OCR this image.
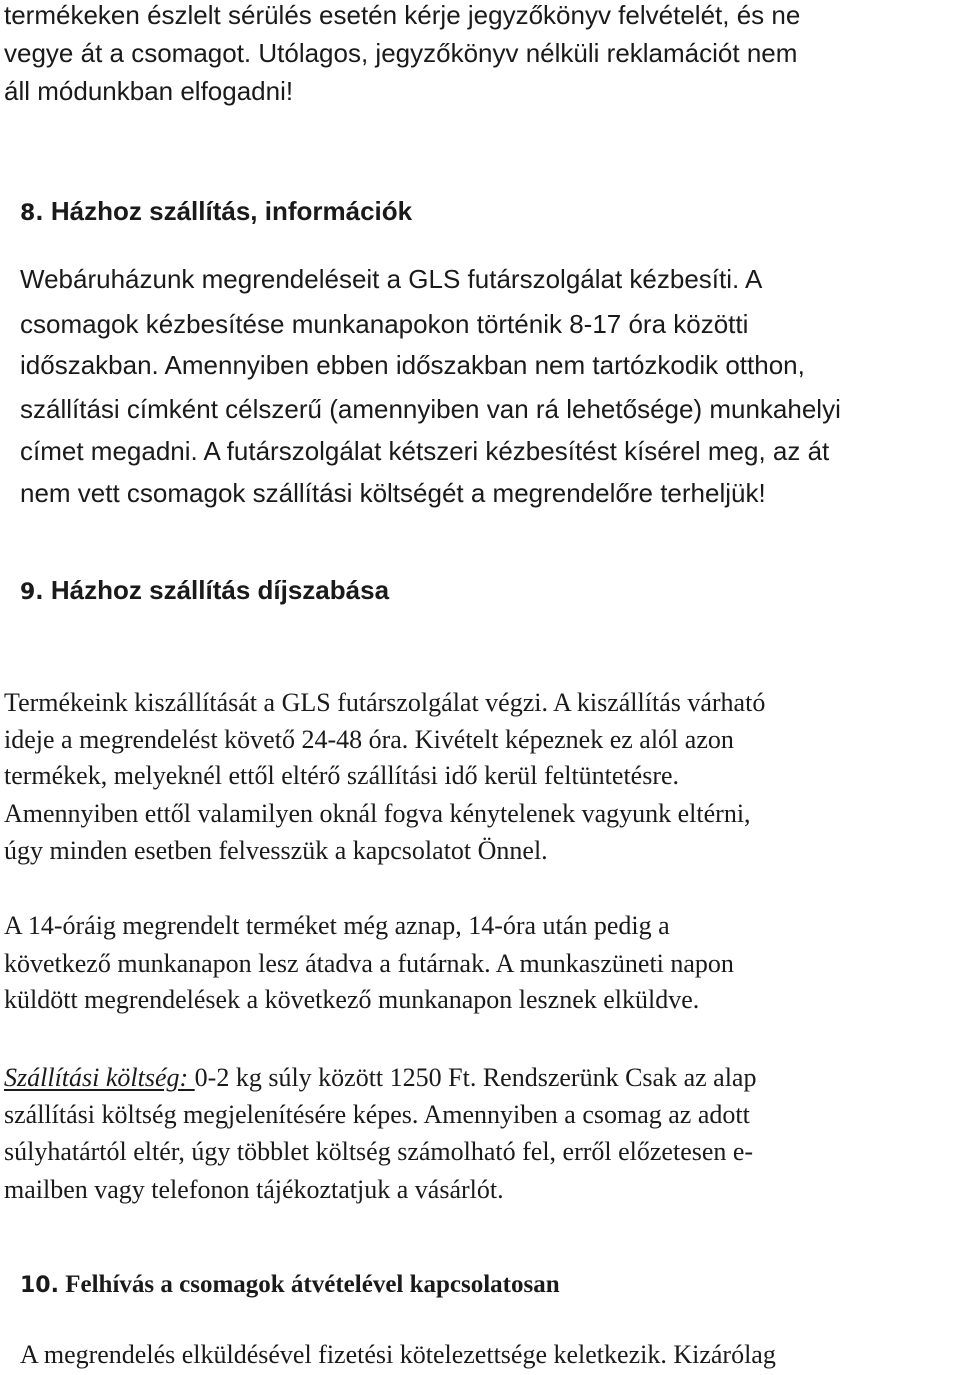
termékeken észlelt sérülés esetén kérje jegyzőkönyv felvételét, és ne
vegye át a csomagot. Utólagos, jegyzőkönyv nélküli reklamációt nem
áll módunkban elfogadni!
8. Házhoz szállítás, információk
Webáruházunk megrendeléseit a GLS futárszolgálat kézbesíti. A
csomagok kézbesítése munkanapokon történik 8-17 óra közötti
időszakban. Amennyiben ebben időszakban nem tartózkodik otthon,
szállítási címként célszerű (amennyiben van rá lehetősége) munkahelyi
címet megadni. A futárszolgálat kétszeri kézbesítést kísérel meg, az át
nem vett csomagok szállítási költségét a megrendelőre terheljük!
9. Házhoz szállítás díjszabása
Termékeink kiszállítását a GLS futárszolgálat végzi. A kiszállítás várható
ideje a megrendelést követő 24-48 óra. Kivételt képeznek ez alól azon
termékek, melyeknél ettől eltérő szállítási idő kerül feltüntetésre.
Amennyiben ettől valamilyen oknál fogva kénytelenek vagyunk eltérni,
úgy minden esetben felvesszük a kapcsolatot Önnel.
A 14-óráig megrendelt terméket még aznap, 14-óra után pedig a
következő munkanapon lesz átadva a futárnak. A munkaszüneti napon
küldött megrendelések a következő munkanapon lesznek elküldve.
Szállítási költség: 0-2 kg súly között 1250 Ft. Rendszerünk Csak az alap
szállítási költség megjelenítésére képes. Amennyiben a csomag az adott
súlyhatártól eltér, úgy többlet költség számolható fel, erről előzetesen e-
mailben vagy telefonon tájékoztatjuk a vásárlót.
10. Felhívás a csomagok átvételével kapcsolatosan
A megrendelés elküldésével fizetési kötelezettsége keletkezik. Kizárólag
